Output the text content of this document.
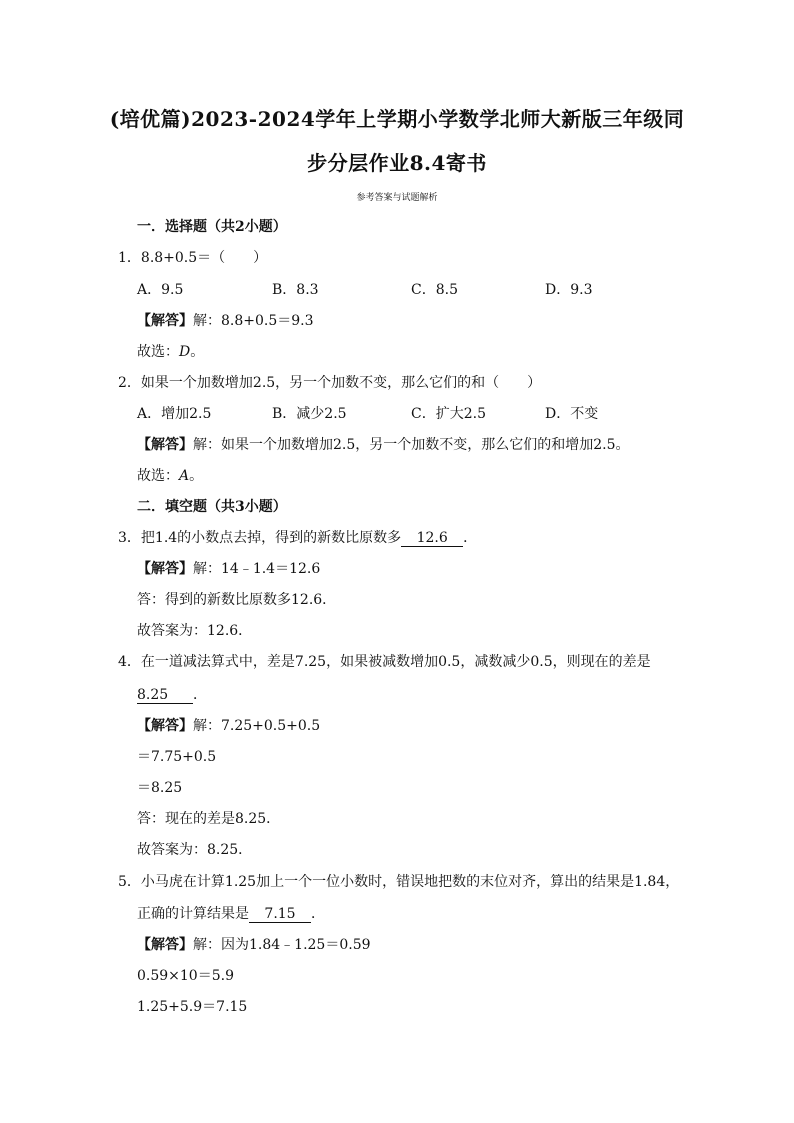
(培优篇)2023-2024学年上学期小学数学北师大新版三年级同
步分层作业8.4寄书
参考答案与试题解析
一．选择题（共2小题）
1．8.8+0.5＝（　　）
A．9.5	B．8.3	C．8.5	D．9.3
【解答】解：8.8+0.5＝9.3
故选：D。
2．如果一个加数增加2.5，另一个加数不变，那么它们的和（　　）
A．增加2.5	B．减少2.5	C．扩大2.5	D．不变
【解答】解：如果一个加数增加2.5，另一个加数不变，那么它们的和增加2.5。
故选：A。
二．填空题（共3小题）
3．把1.4的小数点去掉，得到的新数比原数多 12.6 ．
【解答】解：14﹣1.4＝12.6
答：得到的新数比原数多12.6．
故答案为：12.6．
4．在一道减法算式中，差是7.25，如果被减数增加0.5，减数减少0.5，则现在的差是
8.25 ．
【解答】解：7.25+0.5+0.5
＝7.75+0.5
＝8.25
答：现在的差是8.25．
故答案为：8.25．
5．小马虎在计算1.25加上一个一位小数时，错误地把数的末位对齐，算出的结果是1.84，
正确的计算结果是 7.15 ．
【解答】解：因为1.84﹣1.25＝0.59
0.59×10＝5.9
1.25+5.9＝7.15
